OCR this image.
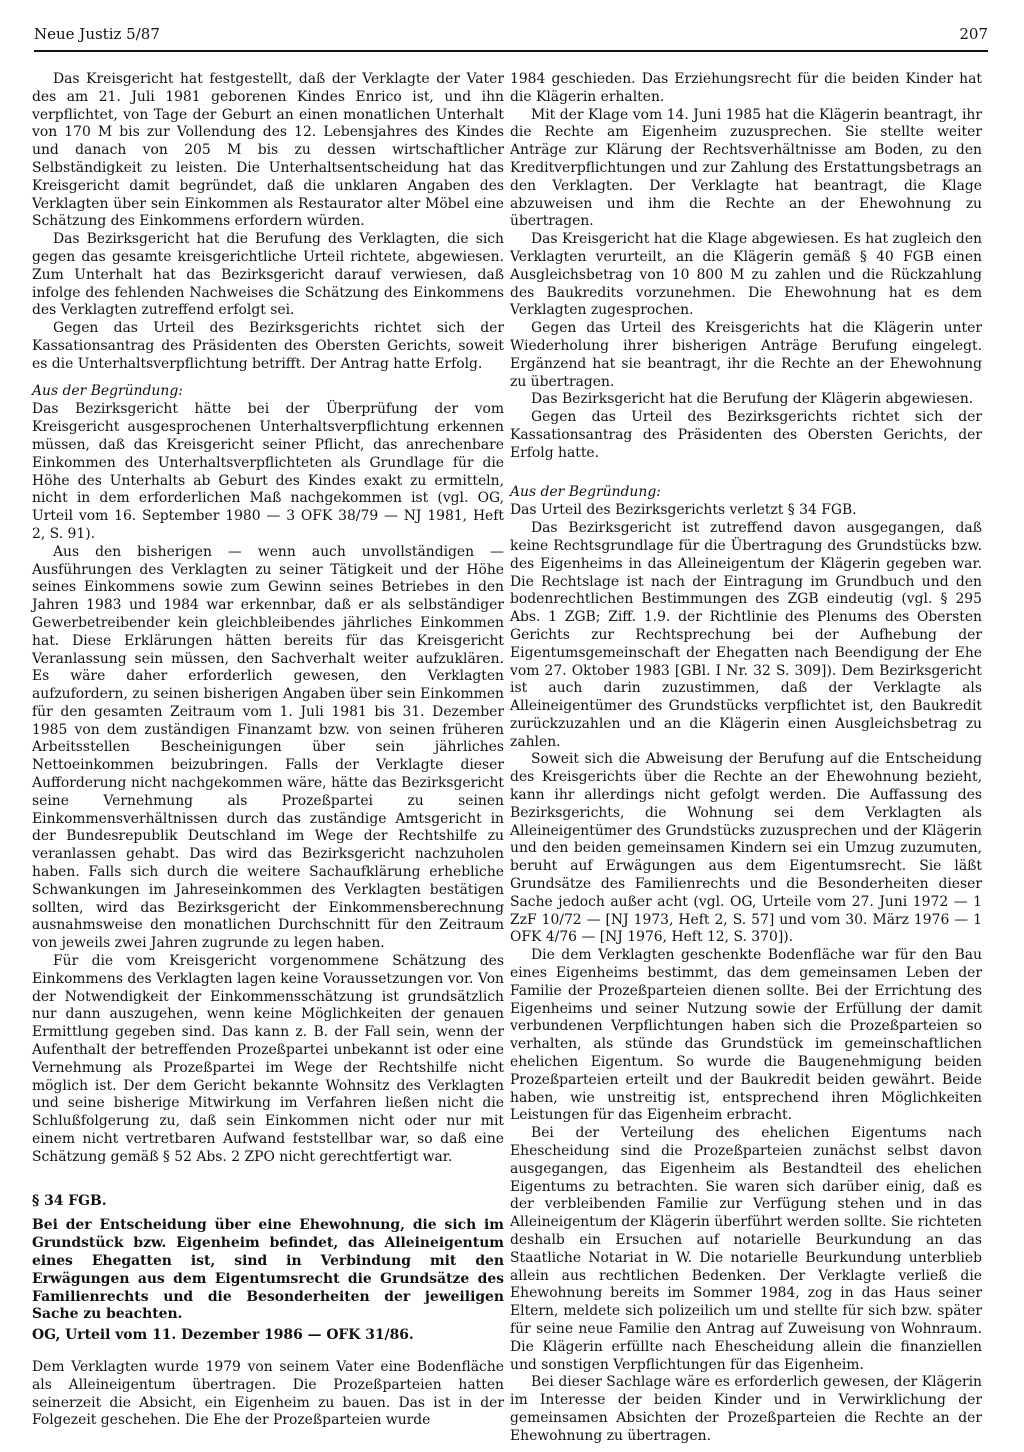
Neue Justiz 5/87	207

Das Kreisgericht hat festgestellt, daß der Verklagte der Vater des am 21. Juli 1981 geborenen Kindes Enrico ist, und ihn verpflichtet, von Tage der Geburt an einen monatlichen Unterhalt von 170 M bis zur Vollendung des 12. Lebensjahres des Kindes und danach von 205 M bis zu dessen wirtschaftlicher Selbständigkeit zu leisten. Die Unterhaltsentscheidung hat das Kreisgericht damit begründet, daß die unklaren Angaben des Verklagten über sein Einkommen als Restaurator alter Möbel eine Schätzung des Einkommens erfordern würden.

Das Bezirksgericht hat die Berufung des Verklagten, die sich gegen das gesamte kreisgerichtliche Urteil richtete, abgewiesen. Zum Unterhalt hat das Bezirksgericht darauf verwiesen, daß infolge des fehlenden Nachweises die Schätzung des Einkommens des Verklagten zutreffend erfolgt sei.

Gegen das Urteil des Bezirksgerichts richtet sich der Kassationsantrag des Präsidenten des Obersten Gerichts, soweit es die Unterhaltsverpflichtung betrifft. Der Antrag hatte Erfolg.

Aus der Begründung:

Das Bezirksgericht hätte bei der Überprüfung der vom Kreisgericht ausgesprochenen Unterhaltsverpflichtung erkennen müssen, daß das Kreisgericht seiner Pflicht, das anrechenbare Einkommen des Unterhaltsverpflichteten als Grundlage für die Höhe des Unterhalts ab Geburt des Kindes exakt zu ermitteln, nicht in dem erforderlichen Maß nachgekommen ist (vgl. OG, Urteil vom 16. September 1980 — 3 OFK 38/79 — NJ 1981, Heft 2, S. 91).

Aus den bisherigen — wenn auch unvollständigen — Ausführungen des Verklagten zu seiner Tätigkeit und der Höhe seines Einkommens sowie zum Gewinn seines Betriebes in den Jahren 1983 und 1984 war erkennbar, daß er als selbständiger Gewerbetreibender kein gleichbleibendes jährliches Einkommen hat. Diese Erklärungen hätten bereits für das Kreisgericht Veranlassung sein müssen, den Sachverhalt weiter aufzuklären. Es wäre daher erforderlich gewesen, den Verklagten aufzufordern, zu seinen bisherigen Angaben über sein Einkommen für den gesamten Zeitraum vom 1. Juli 1981 bis 31. Dezember 1985 von dem zuständigen Finanzamt bzw. von seinen früheren Arbeitsstellen Bescheinigungen über sein jährliches Nettoeinkommen beizubringen. Falls der Verklagte dieser Aufforderung nicht nachgekommen wäre, hätte das Bezirksgericht seine Vernehmung als Prozeßpartei zu seinen Einkommensverhältnissen durch das zuständige Amtsgericht in der Bundesrepublik Deutschland im Wege der Rechtshilfe zu veranlassen gehabt. Das wird das Bezirksgericht nachzuholen haben. Falls sich durch die weitere Sachaufklärung erhebliche Schwankungen im Jahreseinkommen des Verklagten bestätigen sollten, wird das Bezirksgericht der Einkommensberechnung ausnahmsweise den monatlichen Durchschnitt für den Zeitraum von jeweils zwei Jahren zugrunde zu legen haben.

Für die vom Kreisgericht vorgenommene Schätzung des Einkommens des Verklagten lagen keine Voraussetzungen vor. Von der Notwendigkeit der Einkommensschätzung ist grundsätzlich nur dann auszugehen, wenn keine Möglichkeiten der genauen Ermittlung gegeben sind. Das kann z. B. der Fall sein, wenn der Aufenthalt der betreffenden Prozeßpartei unbekannt ist oder eine Vernehmung als Prozeßpartei im Wege der Rechtshilfe nicht möglich ist. Der dem Gericht bekannte Wohnsitz des Verklagten und seine bisherige Mitwirkung im Verfahren ließen nicht die Schlußfolgerung zu, daß sein Einkommen nicht oder nur mit einem nicht vertretbaren Aufwand feststellbar war, so daß eine Schätzung gemäß § 52 Abs. 2 ZPO nicht gerechtfertigt war.

§ 34 FGB.

Bei der Entscheidung über eine Ehewohnung, die sich im Grundstück bzw. Eigenheim befindet, das Alleineigentum eines Ehegatten ist, sind in Verbindung mit den Erwägungen aus dem Eigentumsrecht die Grundsätze des Familienrechts und die Besonderheiten der jeweiligen Sache zu beachten.

OG, Urteil vom 11. Dezember 1986 — OFK 31/86.

Dem Verklagten wurde 1979 von seinem Vater eine Bodenfläche als Alleineigentum übertragen. Die Prozeßparteien hatten seinerzeit die Absicht, ein Eigenheim zu bauen. Das ist in der Folgezeit geschehen. Die Ehe der Prozeßparteien wurde

1984 geschieden. Das Erziehungsrecht für die beiden Kinder hat die Klägerin erhalten.

Mit der Klage vom 14. Juni 1985 hat die Klägerin beantragt, ihr die Rechte am Eigenheim zuzusprechen. Sie stellte weiter Anträge zur Klärung der Rechtsverhältnisse am Boden, zu den Kreditverpflichtungen und zur Zahlung des Erstattungsbetrags an den Verklagten. Der Verklagte hat beantragt, die Klage abzuweisen und ihm die Rechte an der Ehewohnung zu übertragen.

Das Kreisgericht hat die Klage abgewiesen. Es hat zugleich den Verklagten verurteilt, an die Klägerin gemäß § 40 FGB einen Ausgleichsbetrag von 10 800 M zu zahlen und die Rückzahlung des Baukredits vorzunehmen. Die Ehewohnung hat es dem Verklagten zugesprochen.

Gegen das Urteil des Kreisgerichts hat die Klägerin unter Wiederholung ihrer bisherigen Anträge Berufung eingelegt. Ergänzend hat sie beantragt, ihr die Rechte an der Ehewohnung zu übertragen.

Das Bezirksgericht hat die Berufung der Klägerin abgewiesen.

Gegen das Urteil des Bezirksgerichts richtet sich der Kassationsantrag des Präsidenten des Obersten Gerichts, der Erfolg hatte.

Aus der Begründung:

Das Urteil des Bezirksgerichts verletzt § 34 FGB.

Das Bezirksgericht ist zutreffend davon ausgegangen, daß keine Rechtsgrundlage für die Übertragung des Grundstücks bzw. des Eigenheims in das Alleineigentum der Klägerin gegeben war. Die Rechtslage ist nach der Eintragung im Grundbuch und den bodenrechtlichen Bestimmungen des ZGB eindeutig (vgl. § 295 Abs. 1 ZGB; Ziff. 1.9. der Richtlinie des Plenums des Obersten Gerichts zur Rechtsprechung bei der Aufhebung der Eigentumsgemeinschaft der Ehegatten nach Beendigung der Ehe vom 27. Oktober 1983 [GBl. I Nr. 32 S. 309]). Dem Bezirksgericht ist auch darin zuzustimmen, daß der Verklagte als Alleineigentümer des Grundstücks verpflichtet ist, den Baukredit zurückzuzahlen und an die Klägerin einen Ausgleichsbetrag zu zahlen.

Soweit sich die Abweisung der Berufung auf die Entscheidung des Kreisgerichts über die Rechte an der Ehewohnung bezieht, kann ihr allerdings nicht gefolgt werden. Die Auffassung des Bezirksgerichts, die Wohnung sei dem Verklagten als Alleineigentümer des Grundstücks zuzusprechen und der Klägerin und den beiden gemeinsamen Kindern sei ein Umzug zuzumuten, beruht auf Erwägungen aus dem Eigentumsrecht. Sie läßt Grundsätze des Familienrechts und die Besonderheiten dieser Sache jedoch außer acht (vgl. OG, Urteile vom 27. Juni 1972 — 1 ZzF 10/72 — [NJ 1973, Heft 2, S. 57] und vom 30. März 1976 — 1 OFK 4/76 — [NJ 1976, Heft 12, S. 370]).

Die dem Verklagten geschenkte Bodenfläche war für den Bau eines Eigenheims bestimmt, das dem gemeinsamen Leben der Familie der Prozeßparteien dienen sollte. Bei der Errichtung des Eigenheims und seiner Nutzung sowie der Erfüllung der damit verbundenen Verpflichtungen haben sich die Prozeßparteien so verhalten, als stünde das Grundstück im gemeinschaftlichen ehelichen Eigentum. So wurde die Baugenehmigung beiden Prozeßparteien erteilt und der Baukredit beiden gewährt. Beide haben, wie unstreitig ist, entsprechend ihren Möglichkeiten Leistungen für das Eigenheim erbracht.

Bei der Verteilung des ehelichen Eigentums nach Ehescheidung sind die Prozeßparteien zunächst selbst davon ausgegangen, das Eigenheim als Bestandteil des ehelichen Eigentums zu betrachten. Sie waren sich darüber einig, daß es der verbleibenden Familie zur Verfügung stehen und in das Alleineigentum der Klägerin überführt werden sollte. Sie richteten deshalb ein Ersuchen auf notarielle Beurkundung an das Staatliche Notariat in W. Die notarielle Beurkundung unterblieb allein aus rechtlichen Bedenken. Der Verklagte verließ die Ehewohnung bereits im Sommer 1984, zog in das Haus seiner Eltern, meldete sich polizeilich um und stellte für sich bzw. später für seine neue Familie den Antrag auf Zuweisung von Wohnraum. Die Klägerin erfüllte nach Ehescheidung allein die finanziellen und sonstigen Verpflichtungen für das Eigenheim.

Bei dieser Sachlage wäre es erforderlich gewesen, der Klägerin im Interesse der beiden Kinder und in Verwirklichung der gemeinsamen Absichten der Prozeßparteien die Rechte an der Ehewohnung zu übertragen.
